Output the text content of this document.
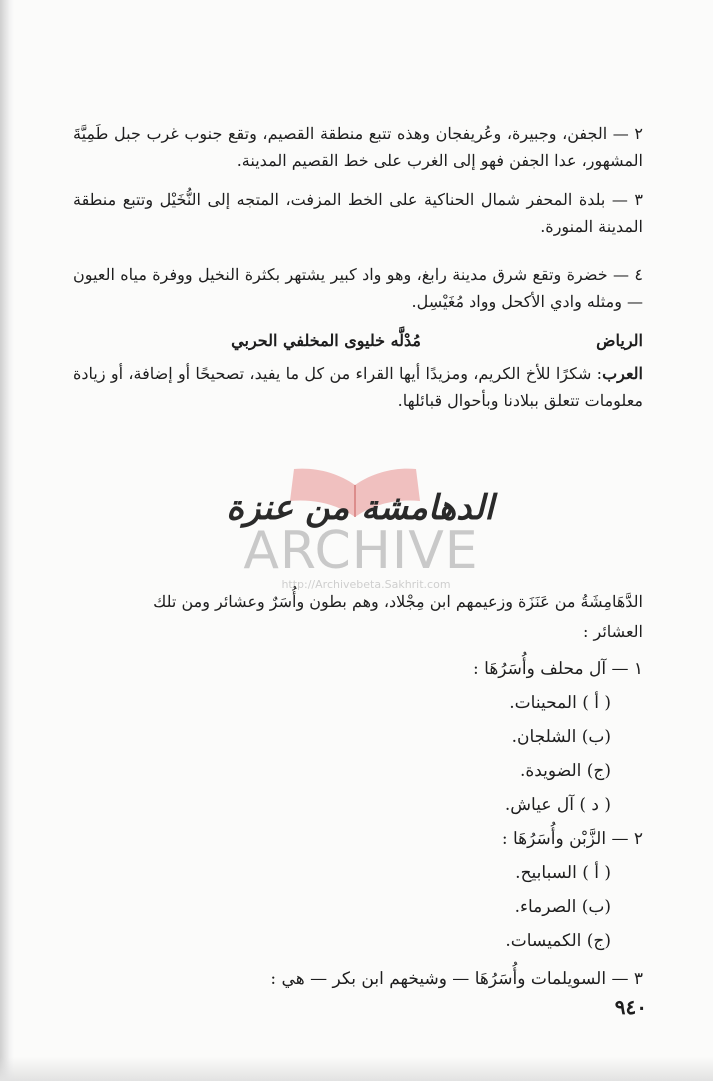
٢ — الجفن، وجبيرة، وعُريفجان وهذه تتبع منطقة القصيم، وتقع جنوب غرب جبل طَمِيَّةَ المشهور، عدا الجفن فهو إلى الغرب على خط القصيم المدينة.

٣ — بلدة المحفر شمال الحناكية على الخط المزفت، المتجه إلى النُّخَيْل وتتبع منطقة المدينة المنورة.

٤ — خضرة وتقع شرق مدينة رابغ، وهو واد كبير يشتهر بكثرة النخيل ووفرة مياه العيون — ومثله وادي الأكحل وواد مُغَيْسِل.

الرياض
مُدْلَّه خليوى المخلفي الحربي

العرب: شكرًا للأخ الكريم، ومزيدًا أيها القراء من كل ما يفيد، تصحيحًا أو إضافة، أو زيادة معلومات تتعلق ببلادنا وبأحوال قبائلها.

ARCHIVE
http://Archivebeta.Sakhrit.com
الدهامشة من عنزة
الدَّهَامِشَةُ من عَنَزَة وزعيمهم ابن مِجْلاد، وهم بطون وأُسَرٌ وعشائر ومن تلك
العشائر :
١ — آل محلف وأُسَرُهَا :
( أ ) المحينات.
(ب) الشلجان.
(ج) الضويدة.
( د ) آل عياش.
٢ — الزَّبْن وأُسَرُهَا :
( أ ) السبابيح.
(ب) الصرماء.
(ج) الكميسات.
٣ — السويلمات وأُسَرُهَا — وشيخهم ابن بكر — هي :
٩٤٠
